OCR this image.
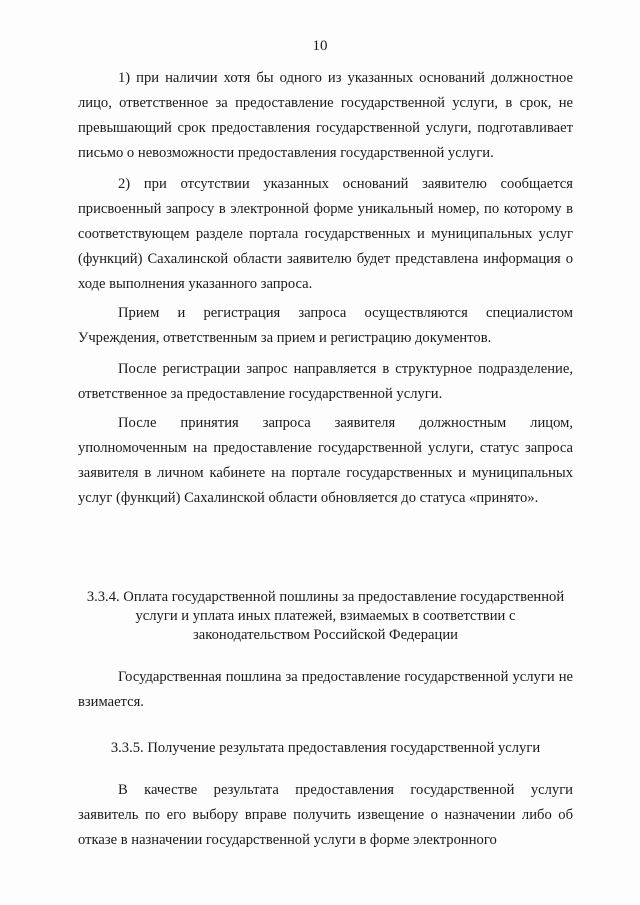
10

1) при наличии хотя бы одного из указанных оснований должностное лицо, ответственное за предоставление государственной услуги, в срок, не превышающий срок предоставления государственной услуги, подготавливает письмо о невозможности предоставления государственной услуги.

2) при отсутствии указанных оснований заявителю сообщается присвоенный запросу в электронной форме уникальный номер, по которому в соответствующем разделе портала государственных и муниципальных услуг (функций) Сахалинской области заявителю будет представлена информация о ходе выполнения указанного запроса.

Прием и регистрация запроса осуществляются специалистом Учреждения, ответственным за прием и регистрацию документов.

После регистрации запрос направляется в структурное подразделение, ответственное за предоставление государственной услуги.

После принятия запроса заявителя должностным лицом, уполномоченным на предоставление государственной услуги, статус запроса заявителя в личном кабинете на портале государственных и муниципальных услуг (функций) Сахалинской области обновляется до статуса «принято».

3.3.4. Оплата государственной пошлины за предоставление государственной услуги и уплата иных платежей, взимаемых в соответствии с законодательством Российской Федерации

Государственная пошлина за предоставление государственной услуги не взимается.

3.3.5. Получение результата предоставления государственной услуги

В качестве результата предоставления государственной услуги заявитель по его выбору вправе получить извещение о назначении либо об отказе в назначении государственной услуги в форме электронного
